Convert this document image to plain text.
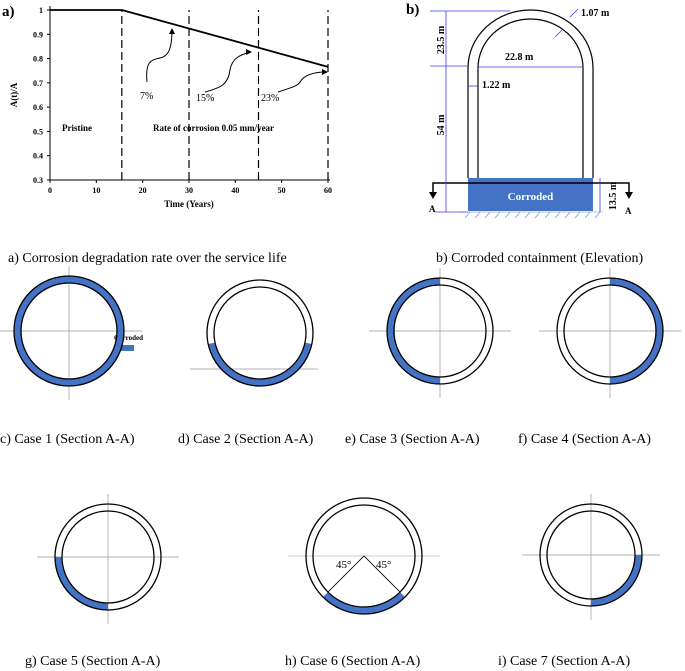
a)
A(t)/A
Time (Years)
Pristine	Rate of corrosion 0.05 mm/year
7%	15%	23%
0	10	20	30	40	50	60
0.3
0.4
0.5
0.6
0.7
0.8
0.9
1	b)
Corroded
A	A
23.5 m
54 m
13.5 m
1.07 m
22.8 m
1.22 m
a) Corrosion degradation rate over the service life	b) Corroded containment (Elevation)
Corroded
c) Case 1 (Section A-A)	d) Case 2 (Section A-A) e) Case 3 (Section A-A)	f) Case 4 (Section A-A)
g) Case 5 (Section A-A)
45° 45°
h) Case 6 (Section A-A)	i) Case 7 (Section A-A)
